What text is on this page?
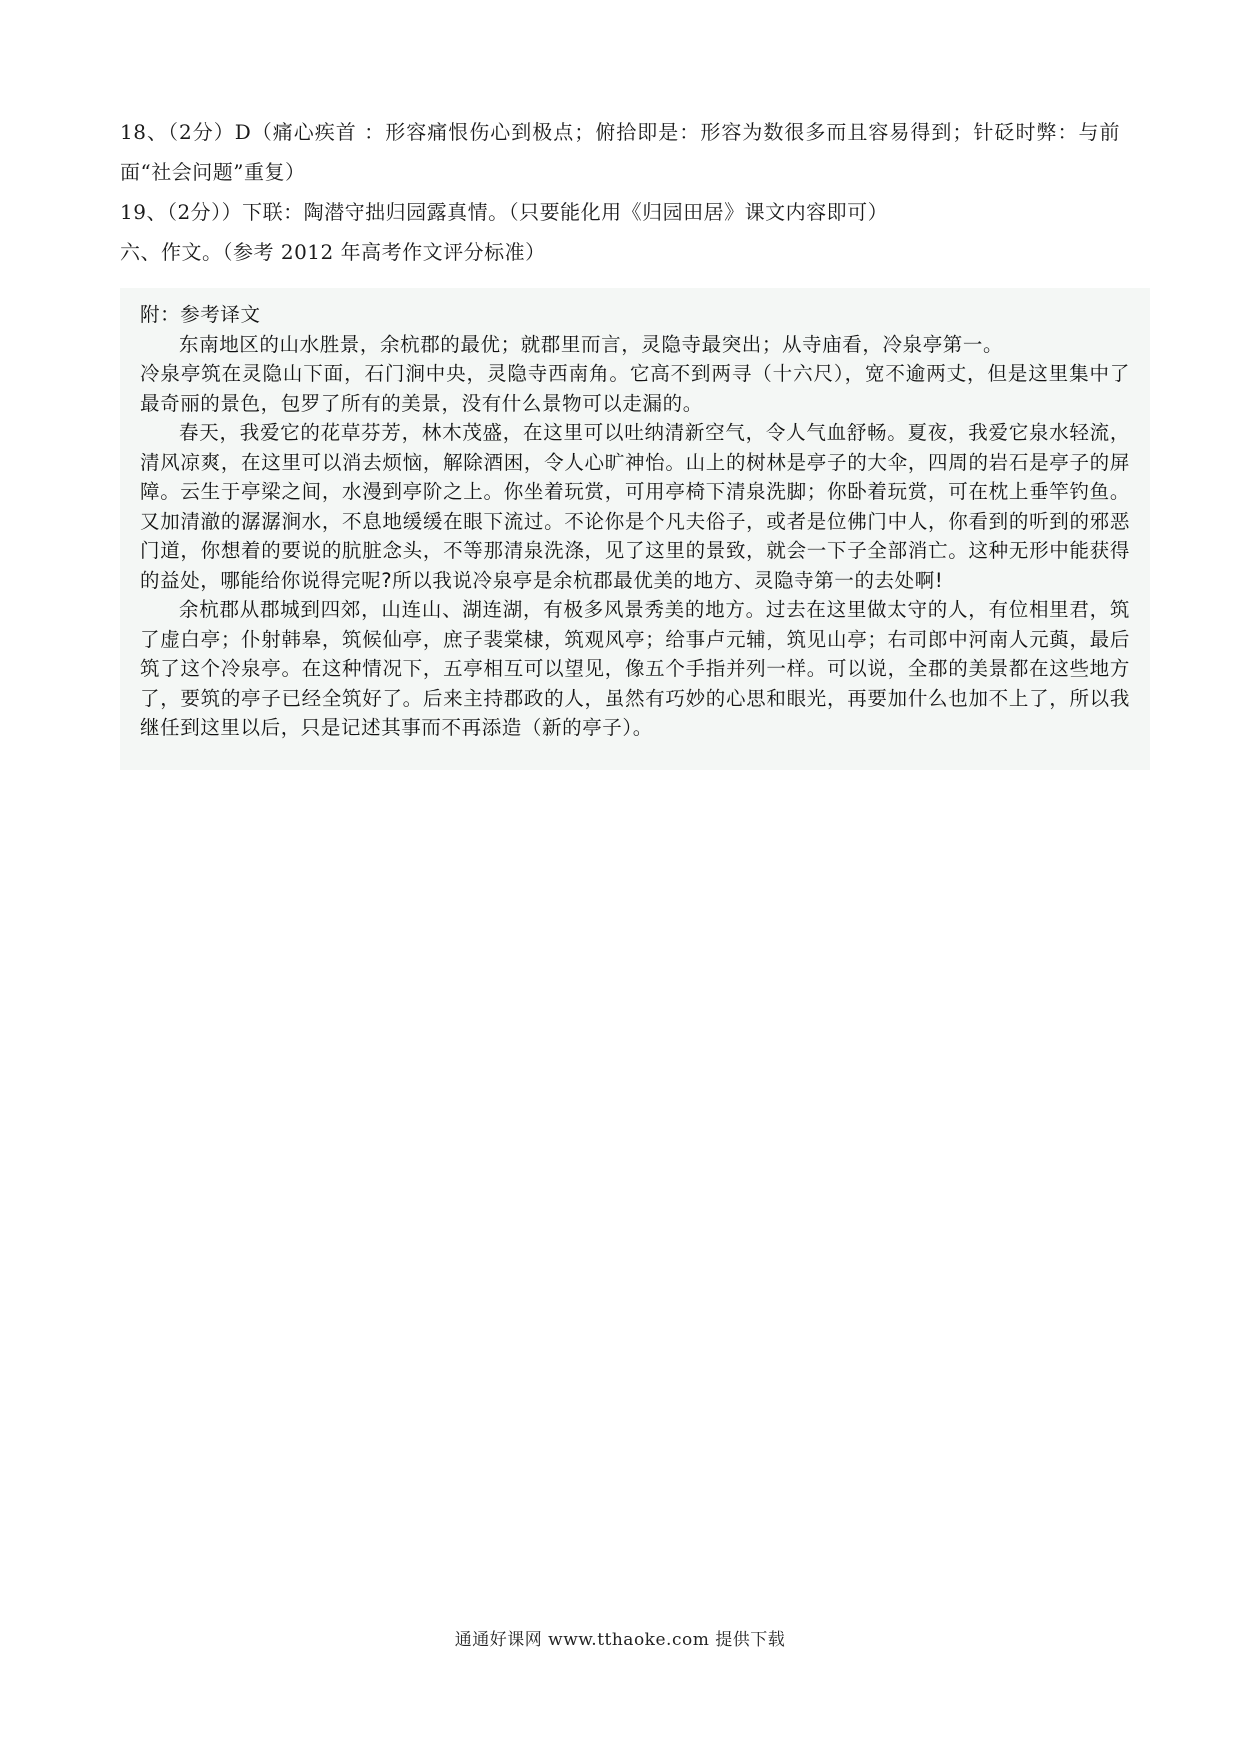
18、（2分）D（痛心疾首 ：形容痛恨伤心到极点；俯拾即是：形容为数很多而且容易得到；针砭时弊：与前面“社会问题”重复）

19、（2分））下联：陶潜守拙归园露真情。（只要能化用《归园田居》课文内容即可）

六、作文。（参考 2012 年高考作文评分标准）

附：参考译文

东南地区的山水胜景，余杭郡的最优；就郡里而言，灵隐寺最突出；从寺庙看，冷泉亭第一。

冷泉亭筑在灵隐山下面，石门涧中央，灵隐寺西南角。它高不到两寻（十六尺），宽不逾两丈，但是这里集中了最奇丽的景色，包罗了所有的美景，没有什么景物可以走漏的。

春天，我爱它的花草芬芳，林木茂盛，在这里可以吐纳清新空气，令人气血舒畅。夏夜，我爱它泉水轻流，清风凉爽，在这里可以消去烦恼，解除酒困，令人心旷神怡。山上的树林是亭子的大伞，四周的岩石是亭子的屏障。云生于亭梁之间，水漫到亭阶之上。你坐着玩赏，可用亭椅下清泉洗脚；你卧着玩赏，可在枕上垂竿钓鱼。又加清澈的潺潺涧水，不息地缓缓在眼下流过。不论你是个凡夫俗子，或者是位佛门中人，你看到的听到的邪恶门道，你想着的要说的肮脏念头，不等那清泉洗涤，见了这里的景致，就会一下子全部消亡。这种无形中能获得的益处，哪能给你说得完呢?所以我说冷泉亭是余杭郡最优美的地方、灵隐寺第一的去处啊!

余杭郡从郡城到四郊，山连山、湖连湖，有极多风景秀美的地方。过去在这里做太守的人，有位相里君，筑了虚白亭；仆射韩皋，筑候仙亭，庶子裴棠棣，筑观风亭；给事卢元辅，筑见山亭；右司郎中河南人元藇，最后筑了这个冷泉亭。在这种情况下，五亭相互可以望见，像五个手指并列一样。可以说，全郡的美景都在这些地方了，要筑的亭子已经全筑好了。后来主持郡政的人，虽然有巧妙的心思和眼光，再要加什么也加不上了，所以我继任到这里以后，只是记述其事而不再添造（新的亭子）。

通通好课网 www.tthaoke.com 提供下载
